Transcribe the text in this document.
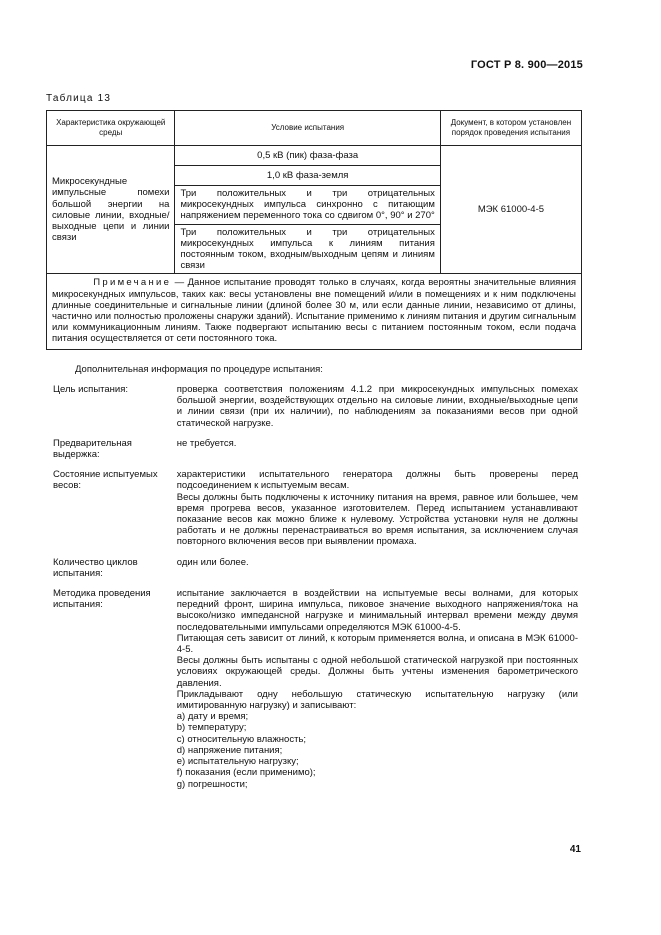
ГОСТ Р 8. 900—2015
Таблица 13
Характеристика окружающей среды	Условие испытания	Документ, в котором установлен порядок проведения испытания
Микросекундные импульсные помехи большой энергии на силовые линии, входные/выходные цепи и линии связи	0,5 кВ (пик) фаза-фаза	МЭК 61000-4-5
	1,0 кВ фаза-земля	
	Три положительных и три отрицательных микросекундных импульса синхронно с питающим напряжением переменного тока со сдвигом 0°, 90° и 270°	
	Три положительных и три отрицательных микросекундных импульса к линиям питания постоянным током, входным/выходным цепям и линиям связи	
Примечание — Данное испытание проводят только в случаях, когда вероятны значительные влияния микросекундных импульсов, таких как: весы установлены вне помещений и/или в помещениях и к ним подключены длинные соединительные и сигнальные линии (длиной более 30 м, или если данные линии, независимо от длины, частично или полностью проложены снаружи зданий). Испытание применимо к линиям питания и другим сигнальным или коммуникационным линиям. Также подвергают испытанию весы с питанием постоянным током, если подача питания осуществляется от сети постоянного тока.		
Дополнительная информация по процедуре испытания:
Цель испытания:	проверка соответствия положениям 4.1.2 при микросекундных импульсных помехах большой энергии, воздействующих отдельно на силовые линии, входные/выходные цепи и линии связи (при их наличии), по наблюдениям за показаниями весов при одной статической нагрузке.
Предварительная выдержка:
не требуется.
Состояние испытуемых весов:

характеристики испытательного генератора должны быть проверены перед подсоединением к испытуемым весам.

Весы должны быть подключены к источнику питания на время, равное или большее, чем время прогрева весов, указанное изготовителем. Перед испытанием устанавливают показание весов как можно ближе к нулевому. Устройства установки нуля не должны работать и не должны перенастраиваться во время испытания, за исключением случая повторного включения весов при выявлении промаха.

Количество циклов испытания:
один или более.
Методика проведения испытания:

испытание заключается в воздействии на испытуемые весы волнами, для которых передний фронт, ширина импульса, пиковое значение выходного напряжения/тока на высоко/низко импедансной нагрузке и минимальный интервал времени между двумя последовательными импульсами определяются МЭК 61000-4-5.

Питающая сеть зависит от линий, к которым применяется волна, и описана в МЭК 61000-4-5.

Весы должны быть испытаны с одной небольшой статической нагрузкой при постоянных условиях окружающей среды. Должны быть учтены изменения барометрического давления.

Прикладывают одну небольшую статическую испытательную нагрузку (или имитированную нагрузку) и записывают:

a) дату и время;

b) температуру;

c) относительную влажность;

d) напряжение питания;

e) испытательную нагрузку;

f) показания (если применимо);

g) погрешности;

41
